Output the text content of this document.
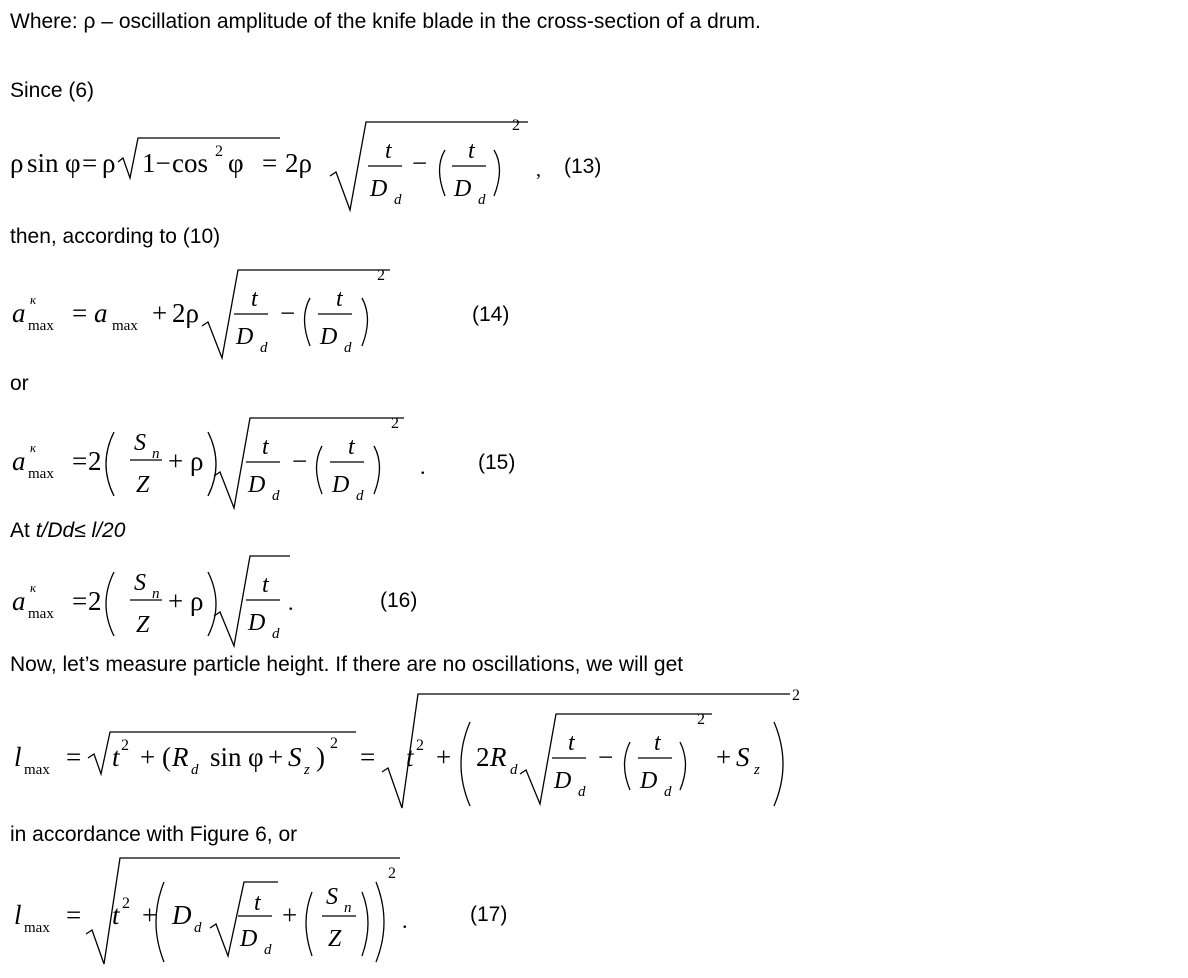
Where: ρ – oscillation amplitude of the knife blade in the cross-section of a drum.
Since (6)
then, according to (10)
or
At t/Dd≤ l/20
Now, let’s measure particle height. If there are no oscillations, we will get
in accordance with Figure 6, or
(13)
(14)
(15)
(16)
(17)
ρ sin φ = ρ 1− cos 2 φ = 2ρ	t
D d
− t
D d
2
,
a к
max = a max + 2ρ t
D d
− t
D d
2
a к
max = 2
S n
Z
+ ρ t
D d
− t
D d
2
.
a к
max = 2
S n
Z
+ ρ
t
D d
.
l max = t 2 + ( R d sin φ + S z ) 2 = t 2 + 2 R d
t
D d
− t
D d
2
+ S z
2
l max = t 2 + D d
t
D d
+
S n
Z
2
.
